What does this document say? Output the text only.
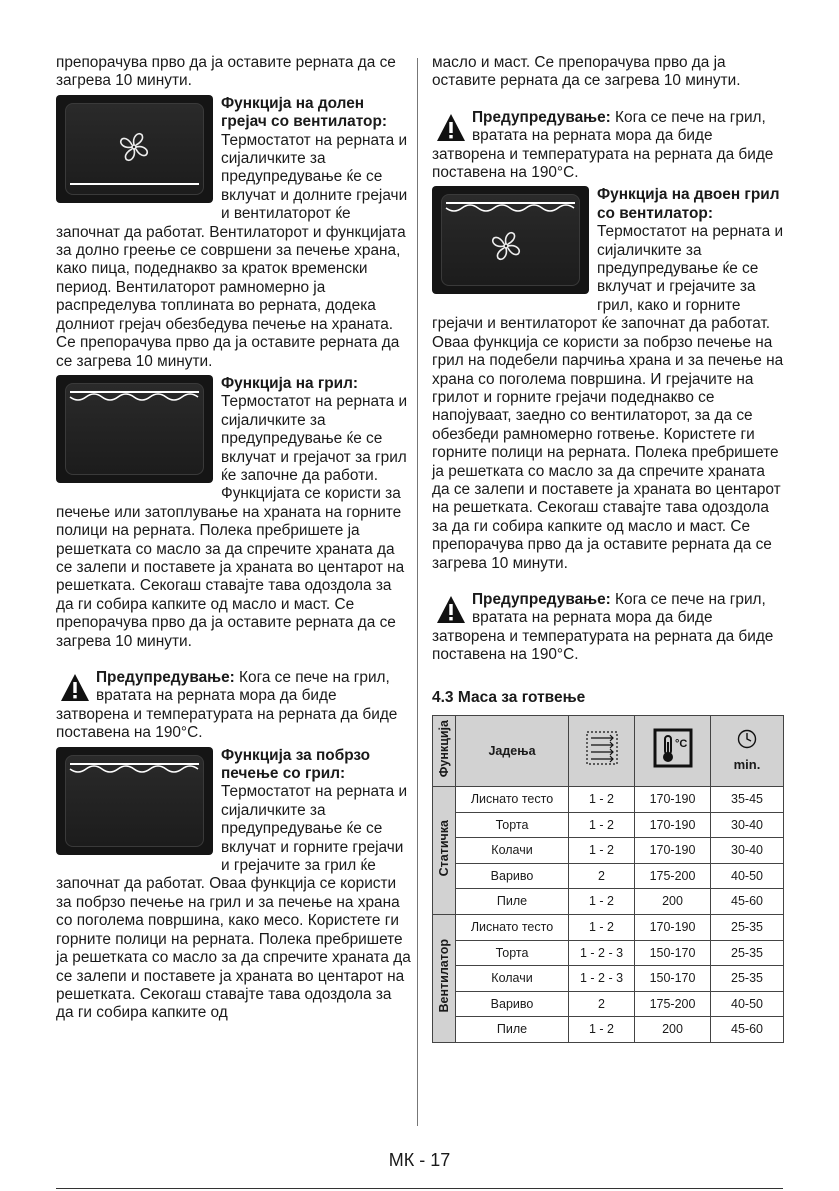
препорачува прво да ја оставите рерната да се загрева 10 минути.

Функција на долен грејач со вентилатор:
Термостатот на рерната и сијаличките за предупредување ќе се вклучат и долните грејачи и вентилаторот ќе започнат да работат. Вентилаторот и функцијата за долно греење се совршени за печење храна, како пица, подеднакво за краток временски период. Вентилаторот рамномерно ја распределува топлината во рерната, додека долниот грејач обезбедува печење на храната. Се препорачува прво да ја оставите рерната да се загрева 10 минути.
Функција на грил:
Термостатот на рерната и сијаличките за предупредување ќе се вклучат и грејачот за грил ќе започне да работи. Функцијата се користи за печење или затоплување на храната на горните полици на рерната. Полека пребришете ја решетката со масло за да спречите храната да се залепи и поставете ја храната во центарот на решетката. Секогаш ставајте тава одоздола за да ги собира капките од масло и маст. Се препорачува прво да ја оставите рерната да се загрева 10 минути.
Предупредување: Кога се пече на грил, вратата на рерната мора да биде затворена и температурата на рерната да биде поставена на 190°C.
Функција за побрзо печење со грил:
Термостатот на рерната и сијаличките за предупредување ќе се вклучат и горните грејачи и грејачите за грил ќе започнат да работат. Оваа функција се користи за побрзо печење на грил и за печење на храна со поголема површина, како месо. Користете ги горните полици на рерната. Полека пребришете ја решетката со масло за да спречите храната да се залепи и поставете ја храната во центарот на решетката. Секогаш ставајте тава одоздола за да ги собира капките од

масло и маст. Се препорачува прво да ја оставите рерната да се загрева 10 минути.

Предупредување: Кога се пече на грил, вратата на рерната мора да биде затворена и температурата на рерната да биде поставена на 190°C.
Функција на двоен грил со вентилатор:
Термостатот на рерната и сијаличките за предупредување ќе се вклучат и грејачите за грил, како и горните грејачи и вентилаторот ќе започнат да работат. Оваа функција се користи за побрзо печење на грил на подебели парчиња храна и за печење на храна со поголема површина. И грејачите на грилот и горните грејачи подеднакво се напојуваат, заедно со вентилаторот, за да се обезбеди рамномерно готвење. Користете ги горните полици на рерната. Полека пребришете ја решетката со масло за да спречите храната да се залепи и поставете ја храната во центарот на решетката. Секогаш ставајте тава одоздола за да ги собира капките од масло и маст. Се препорачува прво да ја оставите рерната да се загрева 10 минути.
Предупредување: Кога се пече на грил, вратата на рерната мора да биде затворена и температурата на рерната да биде поставена на 190°C.
4.3 Маса за готвење
Функција	Јадења		°C	min.
Статичка	Лиснато тесто	1 - 2	170-190	35-45
	Торта	1 - 2	170-190	30-40
	Колачи	1 - 2	170-190	30-40
	Вариво	2	175-200	40-50
	Пиле	1 - 2	200	45-60
Вентилатор	Лиснато тесто	1 - 2	170-190	25-35
	Торта	1 - 2 - 3	150-170	25-35
	Колачи	1 - 2 - 3	150-170	25-35
	Вариво	2	175-200	40-50
	Пиле	1 - 2	200	45-60
МК - 17
